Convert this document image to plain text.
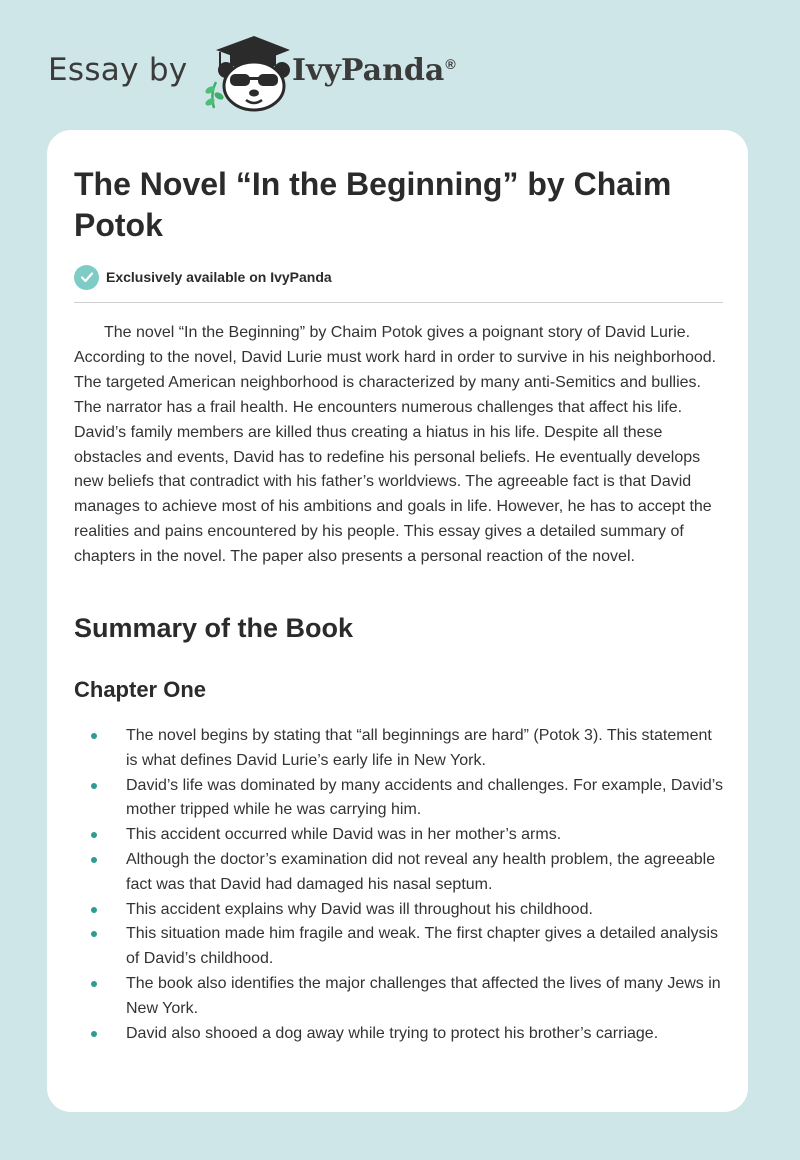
Essay by	IvyPanda®
The Novel “In the Beginning” by Chaim Potok
Exclusively available on IvyPanda

The novel “In the Beginning” by Chaim Potok gives a poignant story of David Lurie. According to the novel, David Lurie must work hard in order to survive in his neighborhood. The targeted American neighborhood is characterized by many anti-Semitics and bullies. The narrator has a frail health. He encounters numerous challenges that affect his life. David’s family members are killed thus creating a hiatus in his life. Despite all these obstacles and events, David has to redefine his personal beliefs. He eventually develops new beliefs that contradict with his father’s worldviews. The agreeable fact is that David manages to achieve most of his ambitions and goals in life. However, he has to accept the realities and pains encountered by his people. This essay gives a detailed summary of chapters in the novel. The paper also presents a personal reaction of the novel.

Summary of the Book
Chapter One
The novel begins by stating that “all beginnings are hard” (Potok 3). This statement is what defines David Lurie’s early life in New York.
David’s life was dominated by many accidents and challenges. For example, David’s mother tripped while he was carrying him.
This accident occurred while David was in her mother’s arms.
Although the doctor’s examination did not reveal any health problem, the agreeable fact was that David had damaged his nasal septum.
This accident explains why David was ill throughout his childhood.
This situation made him fragile and weak. The first chapter gives a detailed analysis of David’s childhood.
The book also identifies the major challenges that affected the lives of many Jews in New York.
David also shooed a dog away while trying to protect his brother’s carriage.
